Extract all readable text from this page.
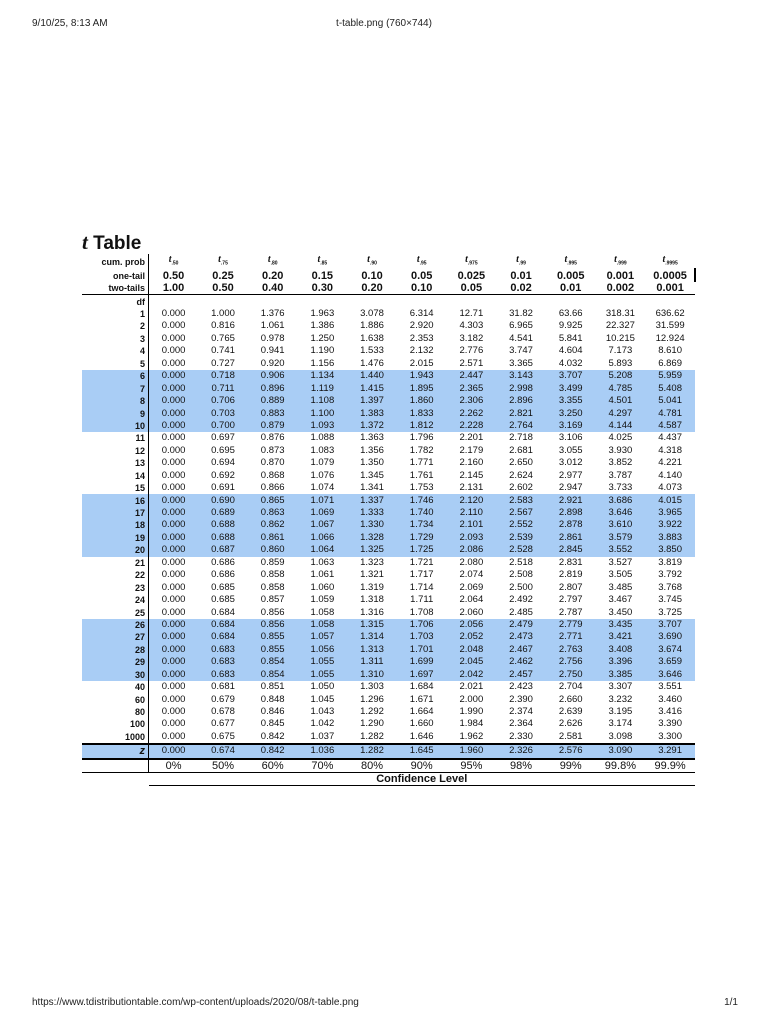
9/10/25, 8:13 AM	t-table.png (760×744)
t Table
cum. prob	$t_{.50}$	$t_{.75}$	$t_{.80}$	$t_{.85}$	$t_{.90}$	$t_{.95}$	$t_{.975}$	$t_{.99}$	$t_{.995}$	$t_{.999}$	$t_{.9995}$
one-tail	0.50	0.25	0.20	0.15	0.10	0.05	0.025	0.01	0.005	0.001	0.0005
two-tails	1.00	0.50	0.40	0.30	0.20	0.10	0.05	0.02	0.01	0.002	0.001
df											
1	0.000	1.000	1.376	1.963	3.078	6.314	12.71	31.82	63.66	318.31	636.62
2	0.000	0.816	1.061	1.386	1.886	2.920	4.303	6.965	9.925	22.327	31.599
3	0.000	0.765	0.978	1.250	1.638	2.353	3.182	4.541	5.841	10.215	12.924
4	0.000	0.741	0.941	1.190	1.533	2.132	2.776	3.747	4.604	7.173	8.610
5	0.000	0.727	0.920	1.156	1.476	2.015	2.571	3.365	4.032	5.893	6.869
6	0.000	0.718	0.906	1.134	1.440	1.943	2.447	3.143	3.707	5.208	5.959
7	0.000	0.711	0.896	1.119	1.415	1.895	2.365	2.998	3.499	4.785	5.408
8	0.000	0.706	0.889	1.108	1.397	1.860	2.306	2.896	3.355	4.501	5.041
9	0.000	0.703	0.883	1.100	1.383	1.833	2.262	2.821	3.250	4.297	4.781
10	0.000	0.700	0.879	1.093	1.372	1.812	2.228	2.764	3.169	4.144	4.587
11	0.000	0.697	0.876	1.088	1.363	1.796	2.201	2.718	3.106	4.025	4.437
12	0.000	0.695	0.873	1.083	1.356	1.782	2.179	2.681	3.055	3.930	4.318
13	0.000	0.694	0.870	1.079	1.350	1.771	2.160	2.650	3.012	3.852	4.221
14	0.000	0.692	0.868	1.076	1.345	1.761	2.145	2.624	2.977	3.787	4.140
15	0.000	0.691	0.866	1.074	1.341	1.753	2.131	2.602	2.947	3.733	4.073
16	0.000	0.690	0.865	1.071	1.337	1.746	2.120	2.583	2.921	3.686	4.015
17	0.000	0.689	0.863	1.069	1.333	1.740	2.110	2.567	2.898	3.646	3.965
18	0.000	0.688	0.862	1.067	1.330	1.734	2.101	2.552	2.878	3.610	3.922
19	0.000	0.688	0.861	1.066	1.328	1.729	2.093	2.539	2.861	3.579	3.883
20	0.000	0.687	0.860	1.064	1.325	1.725	2.086	2.528	2.845	3.552	3.850
21	0.000	0.686	0.859	1.063	1.323	1.721	2.080	2.518	2.831	3.527	3.819
22	0.000	0.686	0.858	1.061	1.321	1.717	2.074	2.508	2.819	3.505	3.792
23	0.000	0.685	0.858	1.060	1.319	1.714	2.069	2.500	2.807	3.485	3.768
24	0.000	0.685	0.857	1.059	1.318	1.711	2.064	2.492	2.797	3.467	3.745
25	0.000	0.684	0.856	1.058	1.316	1.708	2.060	2.485	2.787	3.450	3.725
26	0.000	0.684	0.856	1.058	1.315	1.706	2.056	2.479	2.779	3.435	3.707
27	0.000	0.684	0.855	1.057	1.314	1.703	2.052	2.473	2.771	3.421	3.690
28	0.000	0.683	0.855	1.056	1.313	1.701	2.048	2.467	2.763	3.408	3.674
29	0.000	0.683	0.854	1.055	1.311	1.699	2.045	2.462	2.756	3.396	3.659
30	0.000	0.683	0.854	1.055	1.310	1.697	2.042	2.457	2.750	3.385	3.646
40	0.000	0.681	0.851	1.050	1.303	1.684	2.021	2.423	2.704	3.307	3.551
60	0.000	0.679	0.848	1.045	1.296	1.671	2.000	2.390	2.660	3.232	3.460
80	0.000	0.678	0.846	1.043	1.292	1.664	1.990	2.374	2.639	3.195	3.416
100	0.000	0.677	0.845	1.042	1.290	1.660	1.984	2.364	2.626	3.174	3.390
1000	0.000	0.675	0.842	1.037	1.282	1.646	1.962	2.330	2.581	3.098	3.300
z	0.000	0.674	0.842	1.036	1.282	1.645	1.960	2.326	2.576	3.090	3.291
	0%	50%	60%	70%	80%	90%	95%	98%	99%	99.8%	99.9%
	Confidence Level										
https://www.tdistributiontable.com/wp-content/uploads/2020/08/t-table.png	1/1
